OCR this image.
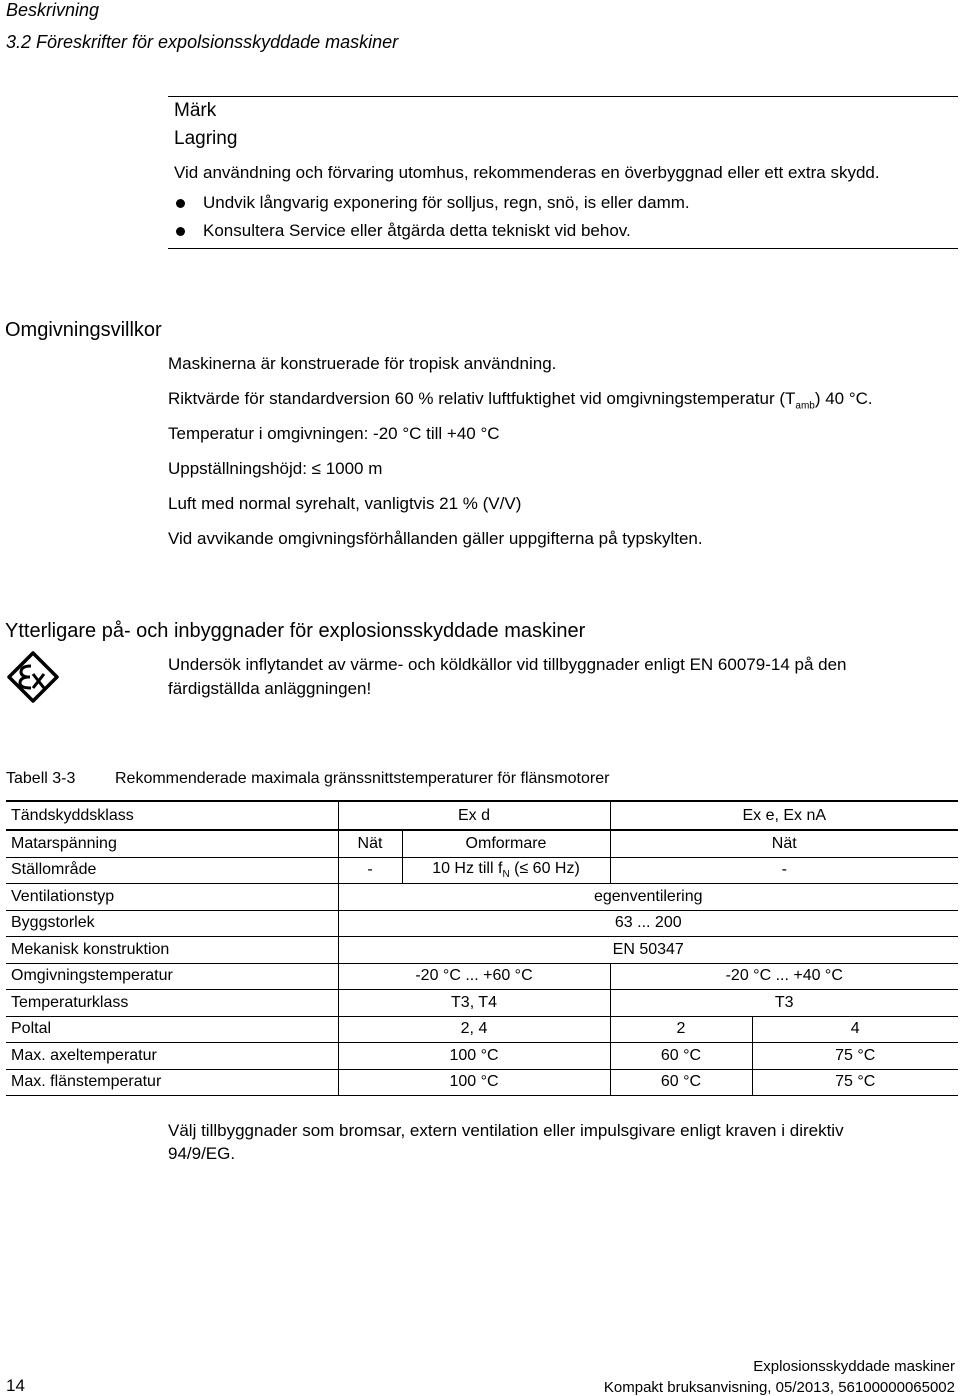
Beskrivning
3.2 Föreskrifter för expolsionsskyddade maskiner
Märk
Lagring
Vid användning och förvaring utomhus, rekommenderas en överbyggnad eller ett extra skydd.
Undvik långvarig exponering för solljus, regn, snö, is eller damm.
Konsultera Service eller åtgärda detta tekniskt vid behov.
Omgivningsvillkor
Maskinerna är konstruerade för tropisk användning.
Riktvärde för standardversion 60 % relativ luftfuktighet vid omgivningstemperatur $(T_{amb})$ 40 °C.
Temperatur i omgivningen: -20 °C till +40 °C
Uppställningshöjd: ≤ 1000 m
Luft med normal syrehalt, vanligtvis 21 % (V/V)
Vid avvikande omgivningsförhållanden gäller uppgifterna på typskylten.
Ytterligare på- och inbyggnader för explosionsskyddade maskiner
Undersök inflytandet av värme- och köldkällor vid tillbyggnader enligt EN 60079-14 på den
färdigställda anläggningen!
Tabell 3-3 Rekommenderade maximala gränssnittstemperaturer för flänsmotorer
Tändskyddsklass	Ex d		Ex e, Ex nA	
Matarspänning	Nät	Omformare	Nät	
Ställområde	-	10 Hz till $f_N$ (≤ 60 Hz)	-	
Ventilationstyp	egenventilering			
Byggstorlek	63 ... 200			
Mekanisk konstruktion	EN 50347			
Omgivningstemperatur	-20 °C ... +60 °C		-20 °C ... +40 °C	
Temperaturklass	T3, T4		T3	
Poltal	2, 4		2	4
Max. axeltemperatur	100 °C		60 °C	75 °C
Max. flänstemperatur	100 °C		60 °C	75 °C
Välj tillbyggnader som bromsar, extern ventilation eller impulsgivare enligt kraven i direktiv
94/9/EG.
14
Explosionsskyddade maskiner
Kompakt bruksanvisning, 05/2013, 56100000065002
